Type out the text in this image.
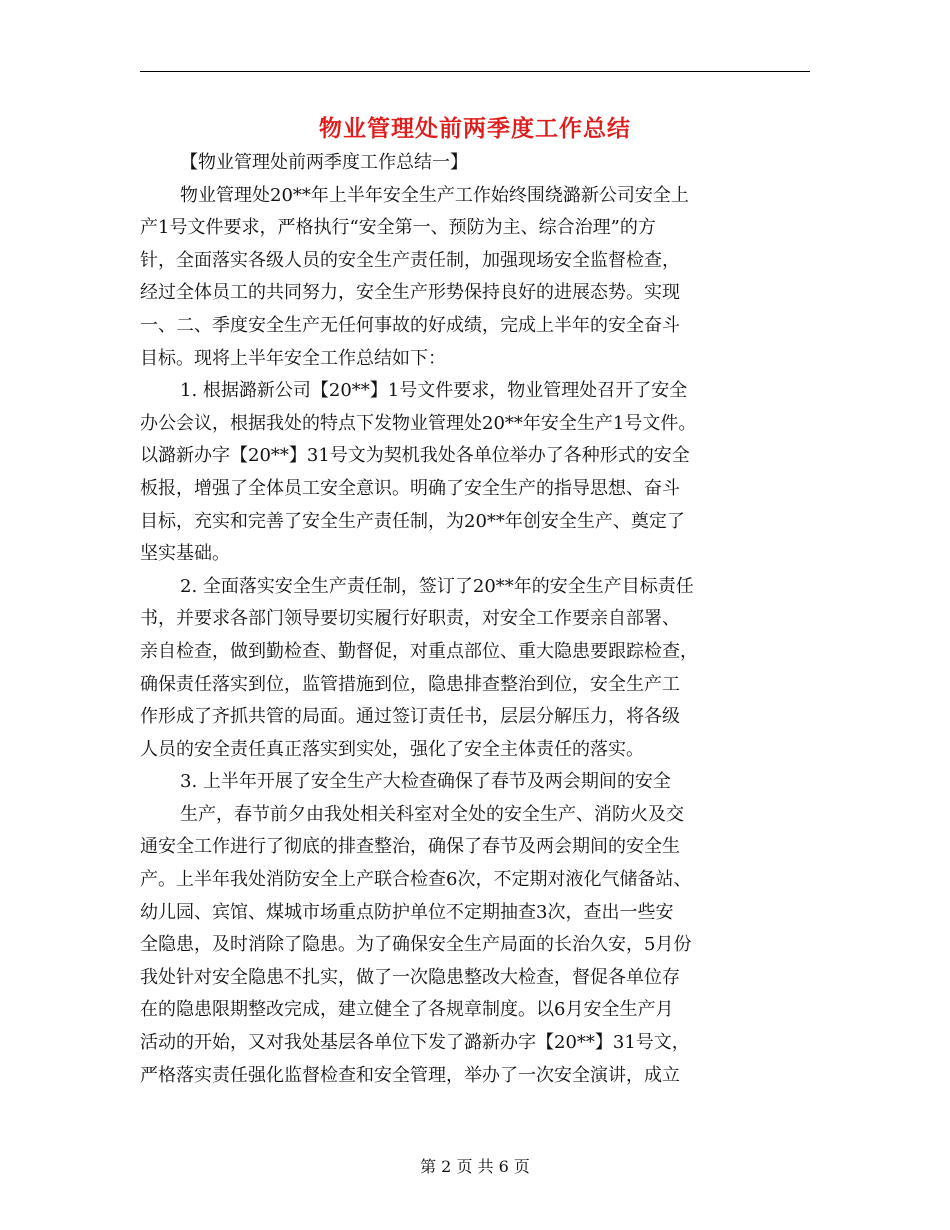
物业管理处前两季度工作总结
【物业管理处前两季度工作总结一】
物业管理处20**年上半年安全生产工作始终围绕潞新公司安全上
产1号文件要求，严格执行“安全第一、预防为主、综合治理”的方
针，全面落实各级人员的安全生产责任制，加强现场安全监督检查，
经过全体员工的共同努力，安全生产形势保持良好的进展态势。实现
一、二、季度安全生产无任何事故的好成绩，完成上半年的安全奋斗
目标。现将上半年安全工作总结如下：
1. 根据潞新公司【20**】1号文件要求，物业管理处召开了安全
办公会议，根据我处的特点下发物业管理处20**年安全生产1号文件。
以潞新办字【20**】31号文为契机我处各单位举办了各种形式的安全
板报，增强了全体员工安全意识。明确了安全生产的指导思想、奋斗
目标，充实和完善了安全生产责任制，为20**年创安全生产、奠定了
坚实基础。
2. 全面落实安全生产责任制，签订了20**年的安全生产目标责任
书，并要求各部门领导要切实履行好职责，对安全工作要亲自部署、
亲自检查，做到勤检查、勤督促，对重点部位、重大隐患要跟踪检查，
确保责任落实到位，监管措施到位，隐患排查整治到位，安全生产工
作形成了齐抓共管的局面。通过签订责任书，层层分解压力，将各级
人员的安全责任真正落实到实处，强化了安全主体责任的落实。
3. 上半年开展了安全生产大检查确保了春节及两会期间的安全
生产，春节前夕由我处相关科室对全处的安全生产、消防火及交
通安全工作进行了彻底的排查整治，确保了春节及两会期间的安全生
产。上半年我处消防安全上产联合检查6次，不定期对液化气储备站、
幼儿园、宾馆、煤城市场重点防护单位不定期抽查3次，查出一些安
全隐患，及时消除了隐患。为了确保安全生产局面的长治久安，5月份
我处针对安全隐患不扎实，做了一次隐患整改大检查，督促各单位存
在的隐患限期整改完成，建立健全了各规章制度。以6月安全生产月
活动的开始，又对我处基层各单位下发了潞新办字【20**】31号文，
严格落实责任强化监督检查和安全管理，举办了一次安全演讲，成立
第 2 页 共 6 页
